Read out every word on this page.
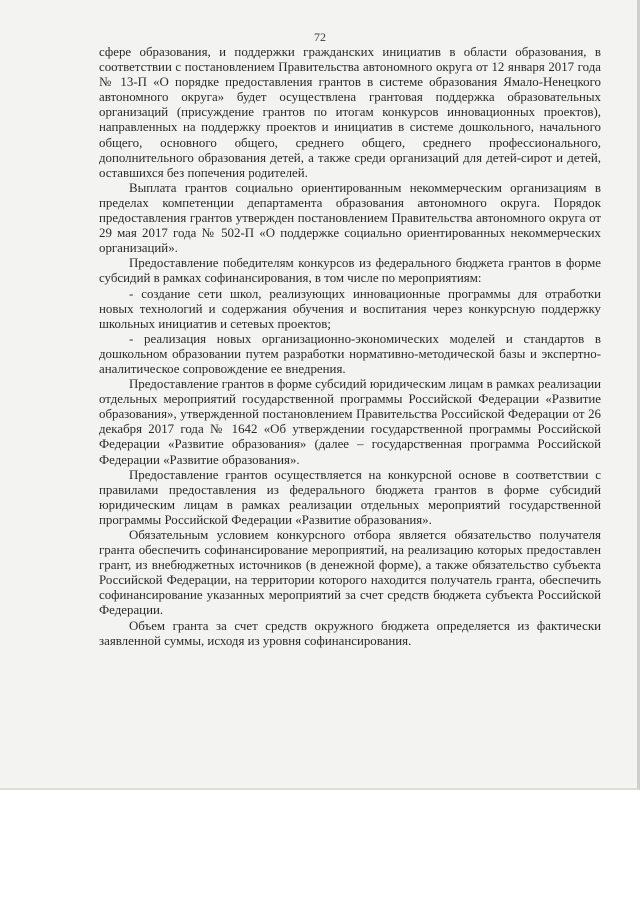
72

сфере образования, и поддержки гражданских инициатив в области образования, в соответствии с постановлением Правительства автономного округа от 12 января 2017 года № 13-П «О порядке предоставления грантов в системе образования Ямало-Ненецкого автономного округа» будет осуществлена грантовая поддержка образовательных организаций (присуждение грантов по итогам конкурсов инновационных проектов), направленных на поддержку проектов и инициатив в системе дошкольного, начального общего, основного общего, среднего общего, среднего профессионального, дополнительного образования детей, а также среди организаций для детей-сирот и детей, оставшихся без попечения родителей.

Выплата грантов социально ориентированным некоммерческим организациям в пределах компетенции департамента образования автономного округа. Порядок предоставления грантов утвержден постановлением Правительства автономного округа от 29 мая 2017 года № 502-П «О поддержке социально ориентированных некоммерческих организаций».

Предоставление победителям конкурсов из федерального бюджета грантов в форме субсидий в рамках софинансирования, в том числе по мероприятиям:

- создание сети школ, реализующих инновационные программы для отработки новых технологий и содержания обучения и воспитания через конкурсную поддержку школьных инициатив и сетевых проектов;

- реализация новых организационно-экономических моделей и стандартов в дошкольном образовании путем разработки нормативно-методической базы и экспертно-аналитическое сопровождение ее внедрения.

Предоставление грантов в форме субсидий юридическим лицам в рамках реализации отдельных мероприятий государственной программы Российской Федерации «Развитие образования», утвержденной постановлением Правительства Российской Федерации от 26 декабря 2017 года № 1642 «Об утверждении государственной программы Российской Федерации «Развитие образования» (далее – государственная программа Российской Федерации «Развитие образования».

Предоставление грантов осуществляется на конкурсной основе в соответствии с правилами предоставления из федерального бюджета грантов в форме субсидий юридическим лицам в рамках реализации отдельных мероприятий государственной программы Российской Федерации «Развитие образования».

Обязательным условием конкурсного отбора является обязательство получателя гранта обеспечить софинансирование мероприятий, на реализацию которых предоставлен грант, из внебюджетных источников (в денежной форме), а также обязательство субъекта Российской Федерации, на территории которого находится получатель гранта, обеспечить софинансирование указанных мероприятий за счет средств бюджета субъекта Российской Федерации.

Объем гранта за счет средств окружного бюджета определяется из фактически заявленной суммы, исходя из уровня софинансирования.
